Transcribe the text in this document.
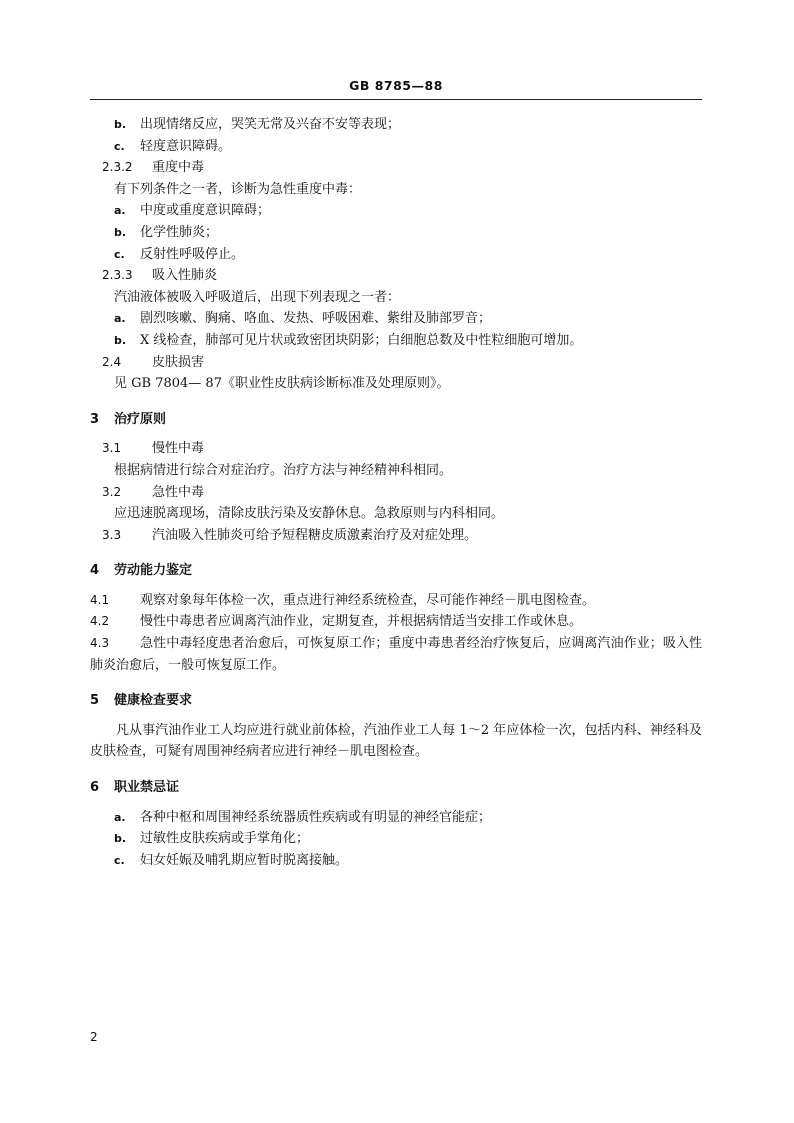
GB 8785—88
b. 出现情绪反应，哭笑无常及兴奋不安等表现；
c. 轻度意识障碍。
2.3.2 重度中毒
有下列条件之一者，诊断为急性重度中毒：
a. 中度或重度意识障碍；
b. 化学性肺炎；
c. 反射性呼吸停止。
2.3.3 吸入性肺炎
汽油液体被吸入呼吸道后，出现下列表现之一者：
a. 剧烈咳嗽、胸痛、咯血、发热、呼吸困难、紫绀及肺部罗音；
b. X 线检查，肺部可见片状或致密团块阴影；白细胞总数及中性粒细胞可增加。
2.4 皮肤损害
见 GB 7804— 87《职业性皮肤病诊断标准及处理原则》。
3 治疗原则
3.1 慢性中毒
根据病情进行综合对症治疗。治疗方法与神经精神科相同。
3.2 急性中毒
应迅速脱离现场，清除皮肤污染及安静休息。急救原则与内科相同。
3.3 汽油吸入性肺炎可给予短程糖皮质激素治疗及对症处理。
4 劳动能力鉴定
4.1 观察对象每年体检一次，重点进行神经系统检查，尽可能作神经－肌电图检查。
4.2 慢性中毒患者应调离汽油作业，定期复查，并根据病情适当安排工作或休息。
4.3 急性中毒轻度患者治愈后，可恢复原工作；重度中毒患者经治疗恢复后，应调离汽油作业；吸入性肺炎治愈后，一般可恢复原工作。
5 健康检查要求
凡从事汽油作业工人均应进行就业前体检，汽油作业工人每 1～2 年应体检一次，包括内科、神经科及皮肤检查，可疑有周围神经病者应进行神经－肌电图检查。
6 职业禁忌证
a. 各种中枢和周围神经系统器质性疾病或有明显的神经官能症；
b. 过敏性皮肤疾病或手掌角化；
c. 妇女妊娠及哺乳期应暂时脱离接触。
2
